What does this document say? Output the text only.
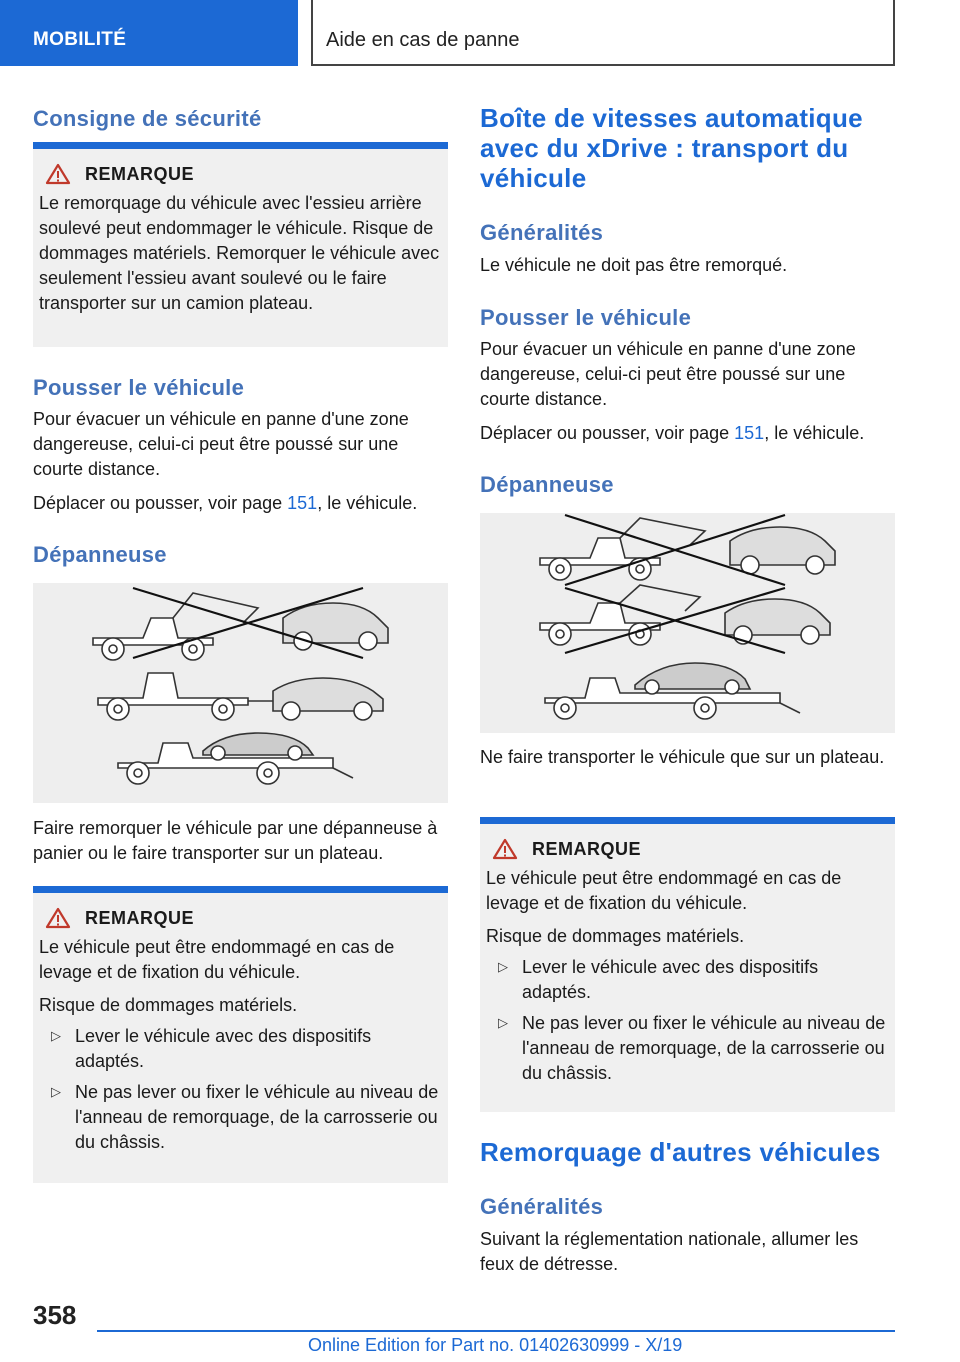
MOBILITÉ	Aide en cas de panne
Consigne de sécurité
REMARQUE

Le remorquage du véhicule avec l'essieu arrière soulevé peut endommager le véhicule. Risque de dommages matériels. Remorquer le véhicule avec seulement l'essieu avant soulevé ou le faire transporter sur un camion plateau.

Pousser le véhicule

Pour évacuer un véhicule en panne d'une zone dangereuse, celui-ci peut être poussé sur une courte distance.

Déplacer ou pousser, voir page 151, le véhicule.

Dépanneuse

Faire remorquer le véhicule par une dépanneuse à panier ou le faire transporter sur un plateau.

REMARQUE

Le véhicule peut être endommagé en cas de levage et de fixation du véhicule.

Risque de dommages matériels.

▷ Lever le véhicule avec des dispositifs adaptés.

▷ Ne pas lever ou fixer le véhicule au niveau de l'anneau de remorquage, de la carrosserie ou du châssis.

Boîte de vitesses automatique avec du xDrive : transport du véhicule
Généralités

Le véhicule ne doit pas être remorqué.

Pousser le véhicule

Pour évacuer un véhicule en panne d'une zone dangereuse, celui-ci peut être poussé sur une courte distance.

Déplacer ou pousser, voir page 151, le véhicule.

Dépanneuse

Ne faire transporter le véhicule que sur un plateau.

REMARQUE

Le véhicule peut être endommagé en cas de levage et de fixation du véhicule.

Risque de dommages matériels.

▷ Lever le véhicule avec des dispositifs adaptés.

▷ Ne pas lever ou fixer le véhicule au niveau de l'anneau de remorquage, de la carrosserie ou du châssis.

Remorquage d'autres véhicules
Généralités

Suivant la réglementation nationale, allumer les feux de détresse.

358
Online Edition for Part no. 01402630999 - X/19
